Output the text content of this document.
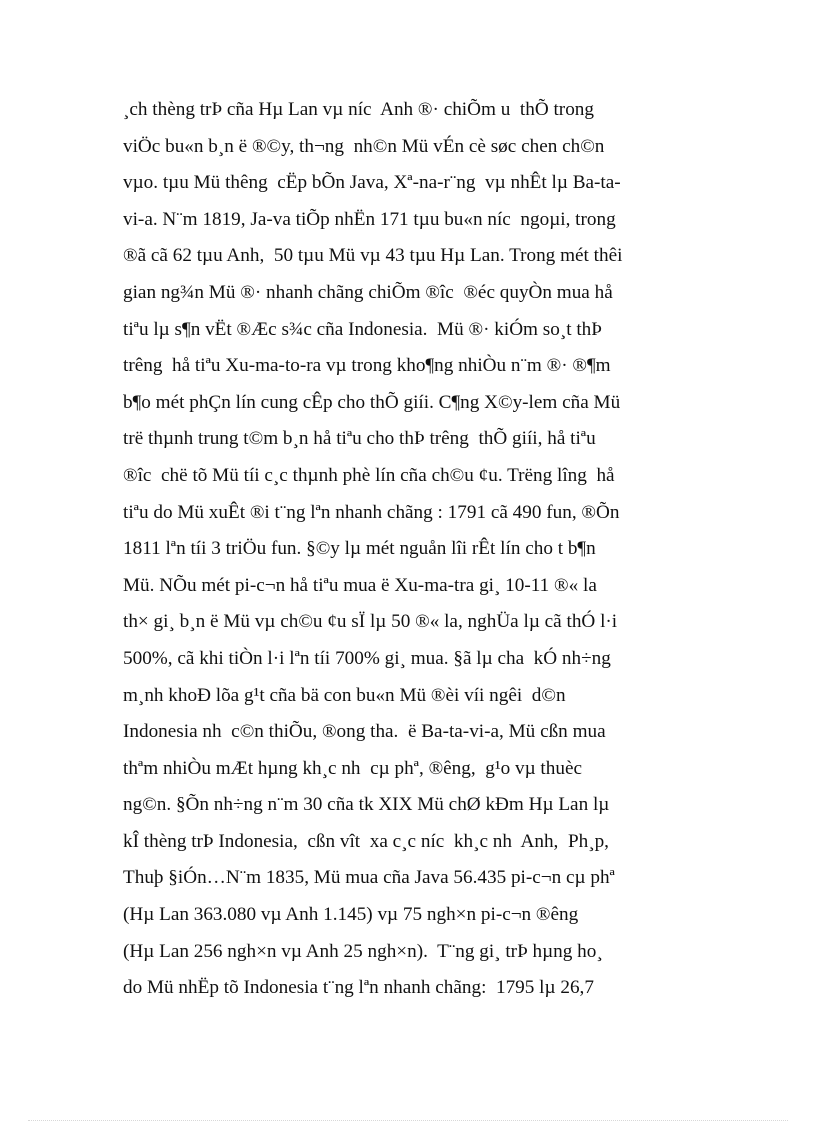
¸ch thèng trÞ cña Hµ Lan vµ níc  Anh ®· chiÕm u  thÕ trong
viÖc bu«n b¸n ë ®©y, th¬ng  nh©n Mü vÉn cè søc chen ch©n
vµo. tµu Mü thêng  cËp bÕn Java, Xª-na-r¨ng  vµ nhÊt lµ Ba-ta-
vi-a. N¨m 1819, Ja-va tiÕp nhËn 171 tµu bu«n níc  ngoµi, trong
®ã cã 62 tµu Anh,  50 tµu Mü vµ 43 tµu Hµ Lan. Trong mét thêi
gian ng¾n Mü ®· nhanh chãng chiÕm ®îc  ®éc quyÒn mua hå
tiªu lµ s¶n vËt ®Æc s¾c cña Indonesia.  Mü ®· kiÓm so¸t thÞ
trêng  hå tiªu Xu-ma-to-ra vµ trong kho¶ng nhiÒu n¨m ®· ®¶m
b¶o mét phÇn lín cung cÊp cho thÕ giíi. C¶ng X©y-lem cña Mü
trë thµnh trung t©m b¸n hå tiªu cho thÞ trêng  thÕ giíi, hå tiªu
®îc  chë tõ Mü tíi c¸c thµnh phè lín cña ch©u ¢u. Trëng lîng  hå
tiªu do Mü xuÊt ®i t¨ng lªn nhanh chãng : 1791 cã 490 fun, ®Õn
1811 lªn tíi 3 triÖu fun. §©y lµ mét nguån lîi rÊt lín cho t b¶n
Mü. NÕu mét pi-c¬n hå tiªu mua ë Xu-ma-tra gi¸ 10-11 ®« la
th× gi¸ b¸n ë Mü vµ ch©u ¢u sÏ lµ 50 ®« la, nghÜa lµ cã thÓ l·i
500%, cã khi tiÒn l·i lªn tíi 700% gi¸ mua. §ã lµ cha  kÓ nh÷ng
m¸nh khoÐ lõa g¹t cña bä con bu«n Mü ®èi víi ngêi  d©n
Indonesia nh  c©n thiÕu, ®ong tha.  ë Ba-ta-vi-a, Mü cßn mua
thªm nhiÒu mÆt hµng kh¸c nh  cµ phª, ®êng,  g¹o vµ thuèc
ng©n. §Õn nh÷ng n¨m 30 cña tk XIX Mü chØ kÐm Hµ Lan lµ
kÎ thèng trÞ Indonesia,  cßn vît  xa c¸c níc  kh¸c nh  Anh,  Ph¸p,
Thuþ §iÓn…N¨m 1835, Mü mua cña Java 56.435 pi-c¬n cµ phª
(Hµ Lan 363.080 vµ Anh 1.145) vµ 75 ngh×n pi-c¬n ®êng
(Hµ Lan 256 ngh×n vµ Anh 25 ngh×n).  T¨ng gi¸ trÞ hµng ho¸
do Mü nhËp tõ Indonesia t¨ng lªn nhanh chãng:  1795 lµ 26,7
